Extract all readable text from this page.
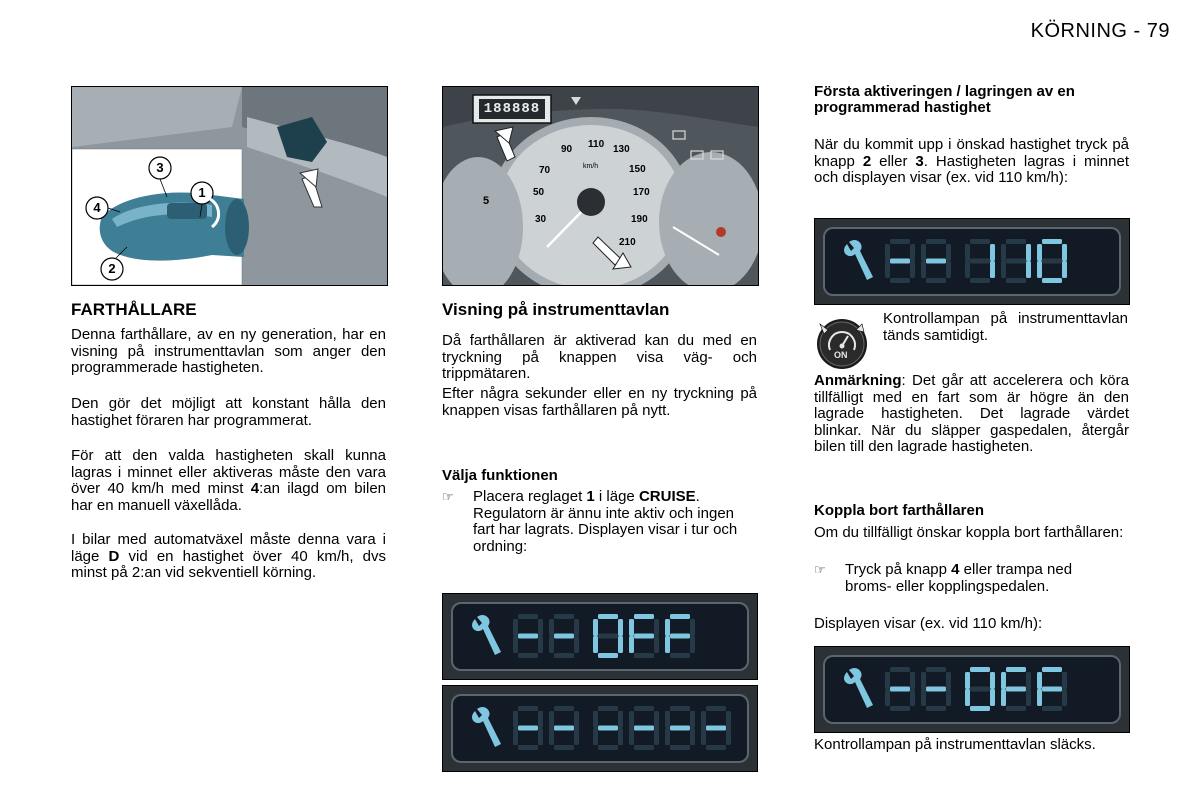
KÖRNING - 79
3
1
4
2
FARTHÅLLARE

Denna farthållare, av en ny generation, har en visning på instrumenttavlan som anger den programmerade hastigheten.

Den gör det möjligt att konstant hålla den hastighet föraren har programmerat.

För att den valda hastigheten skall kunna lagras i minnet eller aktiveras måste den vara över 40 km/h med minst 4:an ilagd om bilen har en manuell växellåda.

I bilar med automatväxel måste denna vara i läge D vid en hastighet över 40 km/h, dvs minst på 2:an vid sekventiell körning.

188888
30
50
70
90 110 130
150
170
190
210
5
km/h
Visning på instrumenttavlan

Då farthållaren är aktiverad kan du med en tryckning på knappen visa väg- och trippmätaren.

Efter några sekunder eller en ny tryckning på knappen visas farthållaren på nytt.

Välja funktionen
☞ Placera reglaget 1 i läge CRUISE. Regulatorn är ännu inte aktiv och ingen fart har lagrats. Displayen visar i tur och ordning:
Första aktiveringen / lagringen av en programmerad hastighet

När du kommit upp i önskad hastighet tryck på knapp 2 eller 3. Hastigheten lagras i minnet och displayen visar (ex. vid 110 km/h):

ON

Kontrollampan på instrumenttavlan tänds samtidigt.

Anmärkning: Det går att accelerera och köra tillfälligt med en fart som är högre än den lagrade hastigheten. Det lagrade värdet blinkar. När du släpper gaspedalen, återgår bilen till den lagrade hastigheten.

Koppla bort farthållaren

Om du tillfälligt önskar koppla bort farthållaren:

☞ Tryck på knapp 4 eller trampa ned broms- eller kopplingspedalen.

Displayen visar (ex. vid 110 km/h):

Kontrollampan på instrumenttavlan släcks.
